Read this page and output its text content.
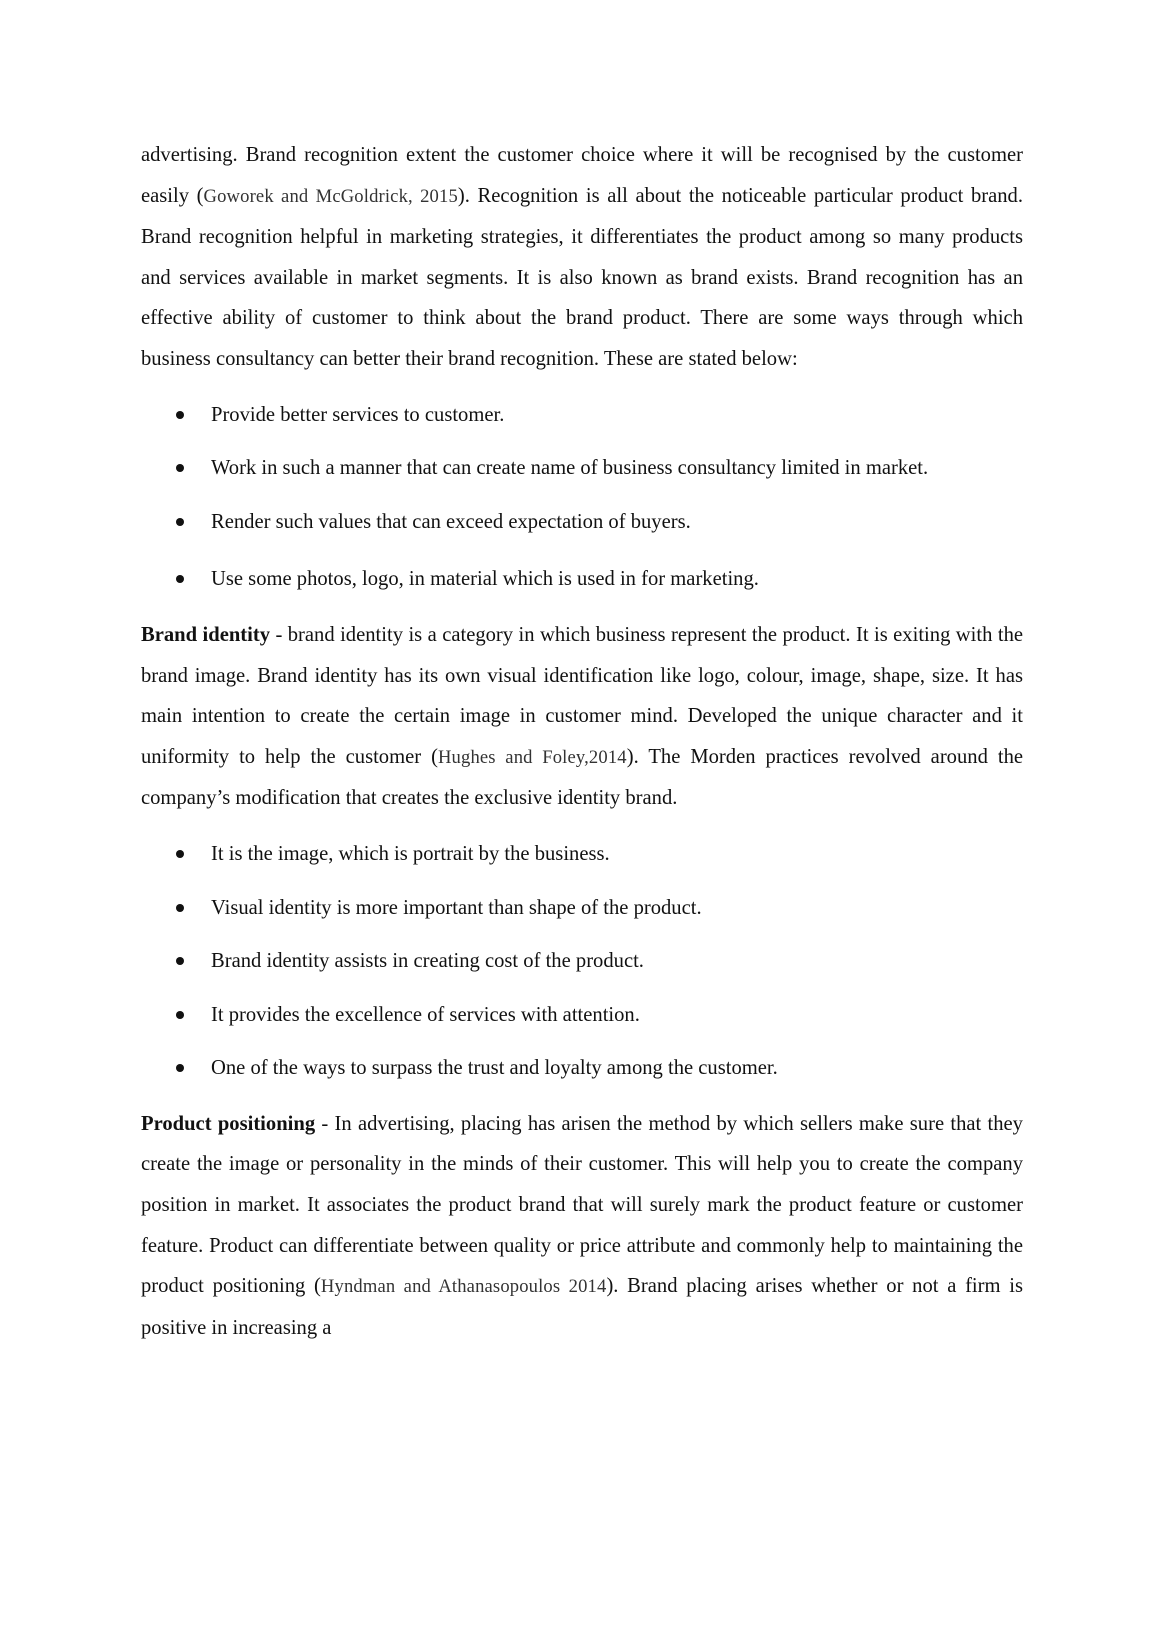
advertising. Brand recognition extent the customer choice where it will be recognised by the customer easily (Goworek and McGoldrick, 2015). Recognition is all about the noticeable particular product brand. Brand recognition helpful in marketing strategies, it differentiates the product among so many products and services available in market segments. It is also known as brand exists. Brand recognition has an effective ability of customer to think about the brand product. There are some ways through which business consultancy can better their brand recognition. These are stated below:

Provide better services to customer.
Work in such a manner that can create name of business consultancy limited in market.
Render such values that can exceed expectation of buyers.
Use some photos, logo, in material which is used in for marketing.

Brand identity - brand identity is a category in which business represent the product. It is exiting with the brand image. Brand identity has its own visual identification like logo, colour, image, shape, size. It has main intention to create the certain image in customer mind. Developed the unique character and it uniformity to help the customer (Hughes and Foley,2014). The Morden practices revolved around the company’s modification that creates the exclusive identity brand.

It is the image, which is portrait by the business.
Visual identity is more important than shape of the product.
Brand identity assists in creating cost of the product.
It provides the excellence of services with attention.
One of the ways to surpass the trust and loyalty among the customer.

Product positioning - In advertising, placing has arisen the method by which sellers make sure that they create the image or personality in the minds of their customer. This will help you to create the company position in market. It associates the product brand that will surely mark the product feature or customer feature. Product can differentiate between quality or price attribute and commonly help to maintaining the product positioning (Hyndman and Athanasopoulos 2014). Brand placing arises whether or not a firm is positive in increasing a
